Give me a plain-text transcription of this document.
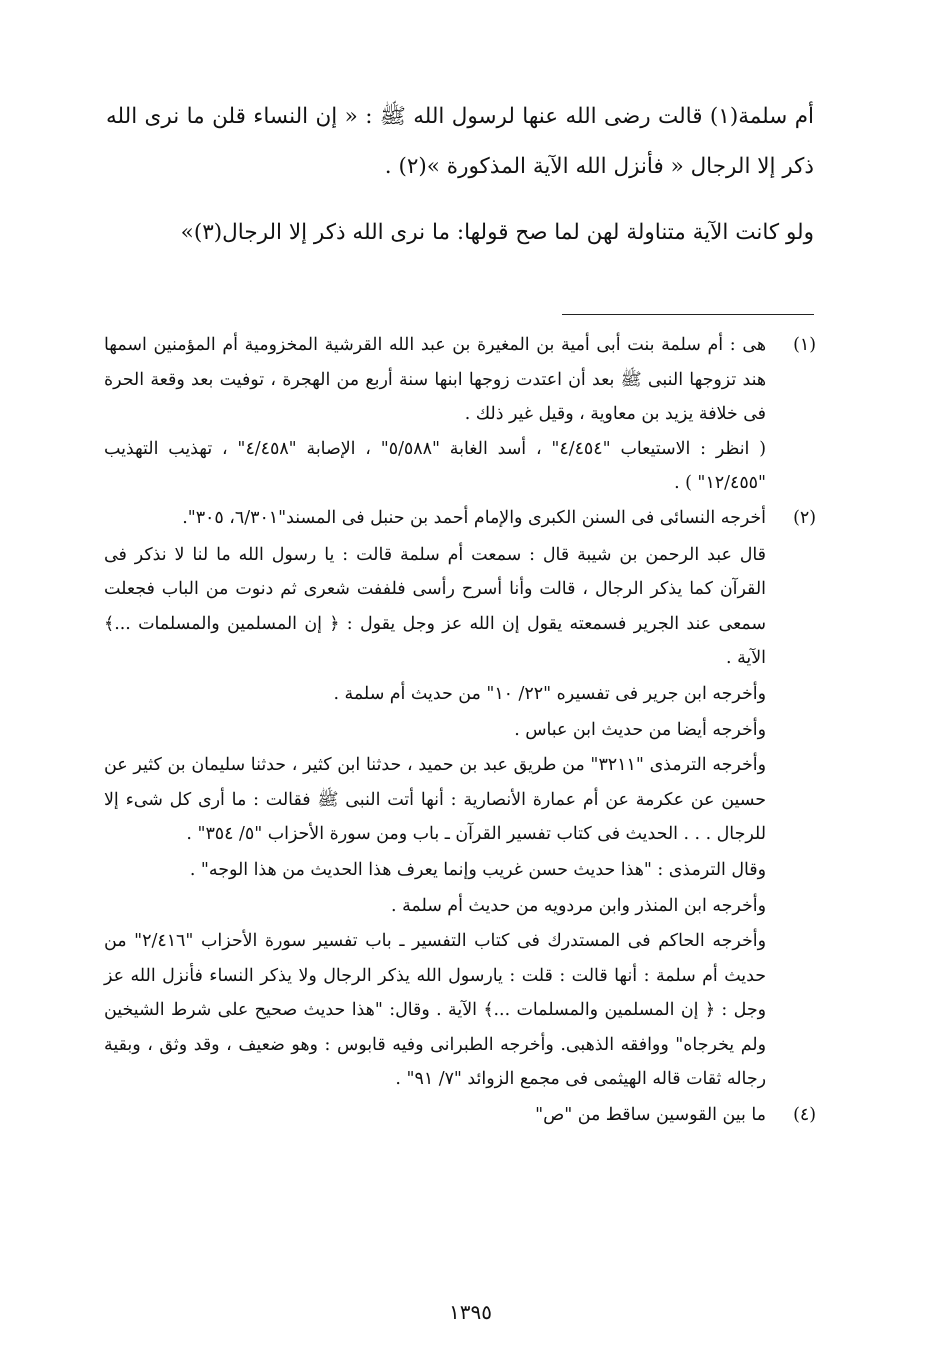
أم سلمة(١) قالت رضى الله عنها لرسول الله ﷺ : « إن النساء قلن ما نرى الله ذكر إلا الرجال « فأنزل الله الآية المذكورة »(٢) .

ولو كانت الآية متناولة لهن لما صح قولها: ما نرى الله ذكر إلا الرجال(٣)»

(١)
هى : أم سلمة بنت أبى أمية بن المغيرة بن عبد الله القرشية المخزومية أم المؤمنين اسمها هند تزوجها النبى ﷺ بعد أن اعتدت زوجها ابنها سنة أربع من الهجرة ، توفيت بعد وقعة الحرة فى خلافة يزيد بن معاوية ، وقيل غير ذلك .
( انظر : الاستيعاب "٤/٤٥٤" ، أسد الغابة "٥/٥٨٨" ، الإصابة "٤/٤٥٨" ، تهذيب التهذيب "١٢/٤٥٥" ) .
(٢)
أخرجه النسائى فى السنن الكبرى والإمام أحمد بن حنبل فى المسند"٦/٣٠١، ٣٠٥".
قال عبد الرحمن بن شيبة قال : سمعت أم سلمة قالت : يا رسول الله ما لنا لا نذكر فى القرآن كما يذكر الرجال ، قالت وأنا أسرح رأسى فلففت شعرى ثم دنوت من الباب فجعلت سمعى عند الجرير فسمعته يقول إن الله عز وجل يقول : ﴿ إن المسلمين والمسلمات ...﴾ الآية .
وأخرجه ابن جرير فى تفسيره "٢٢/ ١٠" من حديث أم سلمة .
وأخرجه أيضا من حديث ابن عباس .
وأخرجه الترمذى "٣٢١١" من طريق عبد بن حميد ، حدثنا ابن كثير ، حدثنا سليمان بن كثير عن حسين عن عكرمة عن أم عمارة الأنصارية : أنها أتت النبى ﷺ فقالت : ما أرى كل شىء إلا للرجال . . . الحديث فى كتاب تفسير القرآن ـ باب ومن سورة الأحزاب "٥/ ٣٥٤" .
وقال الترمذى : "هذا حديث حسن غريب وإنما يعرف هذا الحديث من هذا الوجه" .
وأخرجه ابن المنذر وابن مردويه من حديث أم سلمة .
وأخرجه الحاكم فى المستدرك فى كتاب التفسير ـ باب تفسير سورة الأحزاب "٢/٤١٦" من حديث أم سلمة : أنها قالت : قلت : يارسول الله يذكر الرجال ولا يذكر النساء فأنزل الله عز وجل : ﴿ إن المسلمين والمسلمات ...﴾ الآية . وقال: "هذا حديث صحيح على شرط الشيخين ولم يخرجاه" ووافقه الذهبى. وأخرجه الطبرانى وفيه قابوس : وهو ضعيف ، وقد وثق ، وبقية رجاله ثقات قاله الهيثمى فى مجمع الزوائد "٧/ ٩١" .
(٤)
ما بين القوسين ساقط من "ص"
١٣٩٥
